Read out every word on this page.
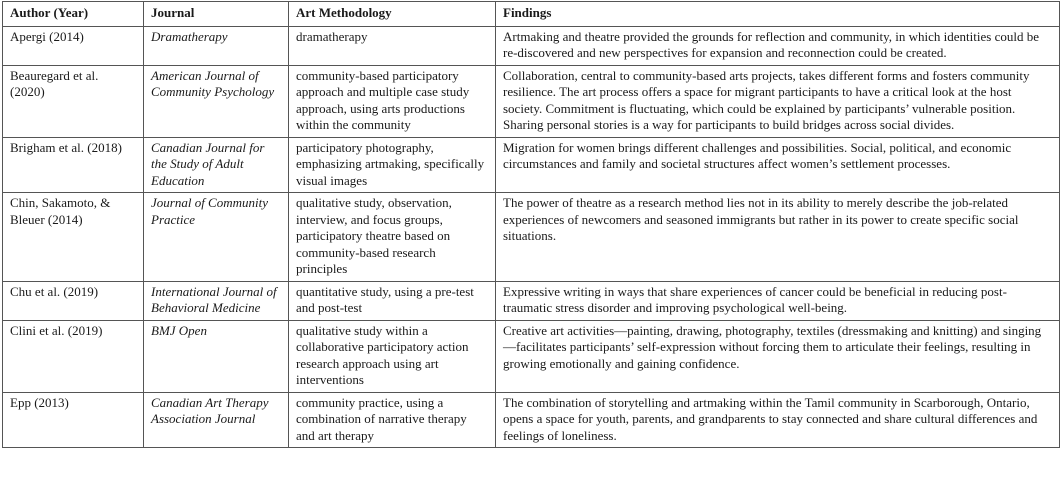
Author (Year)	Journal	Art Methodology	Findings
Apergi (2014)	Dramatherapy	dramatherapy	Artmaking and theatre provided the grounds for reflection and community, in which identities could be re-discovered and new perspectives for expansion and reconnection could be created.
Beauregard et al. (2020)	American Journal of Community Psychology	community-based participatory approach and multiple case study approach, using arts productions within the community	Collaboration, central to community-based arts projects, takes different forms and fosters community resilience. The art process offers a space for migrant participants to have a critical look at the host society. Commitment is fluctuating, which could be explained by participants’ vulnerable position. Sharing personal stories is a way for participants to build bridges across social divides.
Brigham et al. (2018)	Canadian Journal for the Study of Adult Education	participatory photography, emphasizing artmaking, specifically visual images	Migration for women brings different challenges and possibilities. Social, political, and economic circumstances and family and societal structures affect women’s settlement processes.
Chin, Sakamoto, & Bleuer (2014)	Journal of Community Practice	qualitative study, observation, interview, and focus groups, participatory theatre based on community-based research principles	The power of theatre as a research method lies not in its ability to merely describe the job-related experiences of newcomers and seasoned immigrants but rather in its power to create specific social situations.
Chu et al. (2019)	International Journal of Behavioral Medicine	quantitative study, using a pre-test and post-test	Expressive writing in ways that share experiences of cancer could be beneficial in reducing post-traumatic stress disorder and improving psychological well-being.
Clini et al. (2019)	BMJ Open	qualitative study within a collaborative participatory action research approach using art interventions	Creative art activities—painting, drawing, photography, textiles (dressmaking and knitting) and singing—facilitates participants’ self-expression without forcing them to articulate their feelings, resulting in growing emotionally and gaining confidence.
Epp (2013)	Canadian Art Therapy Association Journal	community practice, using a combination of narrative therapy and art therapy	The combination of storytelling and artmaking within the Tamil community in Scarborough, Ontario, opens a space for youth, parents, and grandparents to stay connected and share cultural differences and feelings of loneliness.
